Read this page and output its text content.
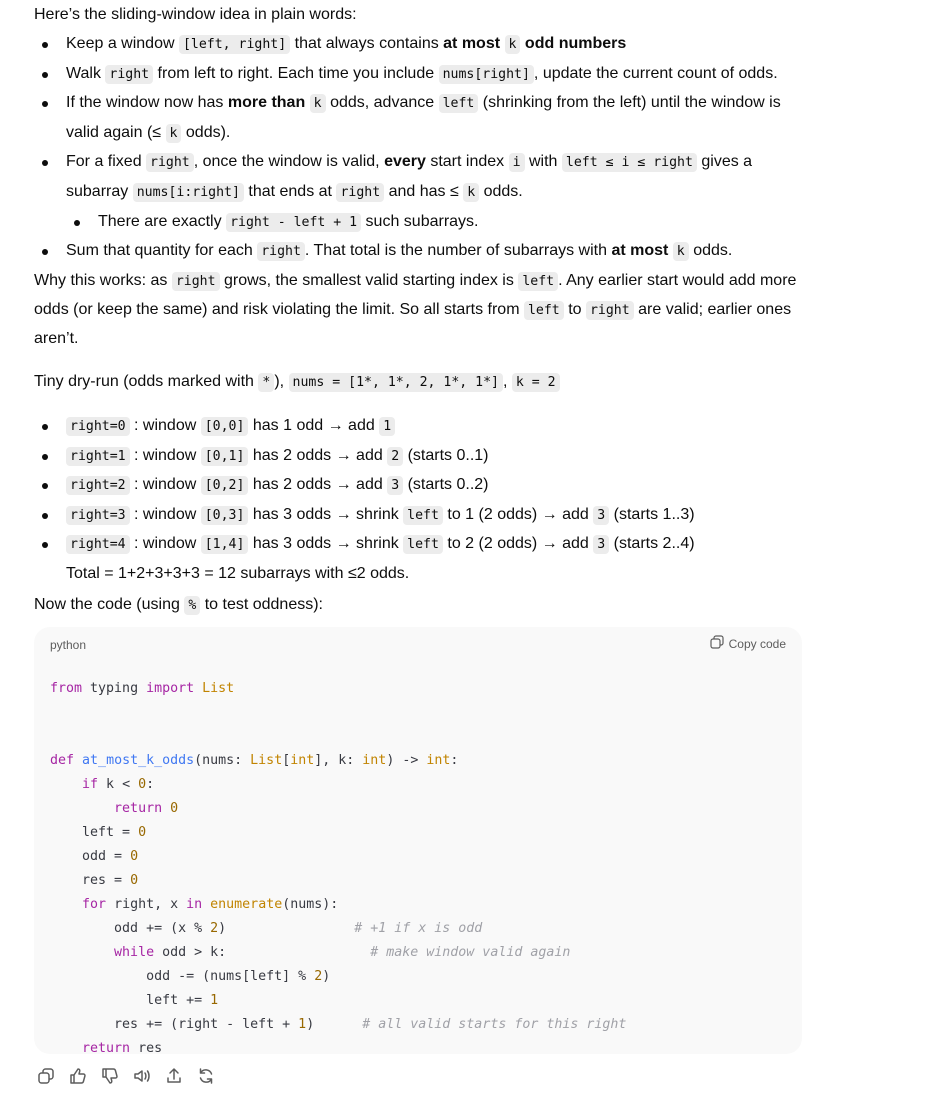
Here’s the sliding-window idea in plain words:

Keep a window [left, right] that always contains at most k odd numbers
Walk right from left to right. Each time you include nums[right] , update the current count of odds.
If the window now has more than k odds, advance left (shrinking from the left) until the window is
valid again (≤ k odds).
For a fixed right , once the window is valid, every start index i with left ≤ i ≤ right gives a
subarray nums[i:right] that ends at right and has ≤ k odds.
There are exactly right - left + 1 such subarrays.
Sum that quantity for each right . That total is the number of subarrays with at most k odds.

Why this works: as right grows, the smallest valid starting index is left . Any earlier start would add more
odds (or keep the same) and risk violating the limit. So all starts from left to right are valid; earlier ones
aren’t.

Tiny dry-run (odds marked with * ), nums = [1*, 1*, 2, 1*, 1*] , k = 2

right=0 : window [0,0] has 1 odd → add 1
right=1 : window [0,1] has 2 odds → add 2 (starts 0..1)
right=2 : window [0,2] has 2 odds → add 3 (starts 0..2)
right=3 : window [0,3] has 3 odds → shrink left to 1 (2 odds) → add 3 (starts 1..3)
right=4 : window [1,4] has 3 odds → shrink left to 2 (2 odds) → add 3 (starts 2..4)
Total = 1+2+3+3+3 = 12 subarrays with ≤2 odds.

Now the code (using % to test oddness):

python	Copy code
from typing import List

def at_most_k_odds(nums: List[int], k: int) -> int:
if k < 0:
return 0
left = 0
odd = 0
res = 0
for right, x in enumerate(nums):
odd += (x % 2)                # +1 if x is odd
while odd > k:                  # make window valid again
odd -= (nums[left] % 2)
left += 1
res += (right - left + 1)      # all valid starts for this right
return res
